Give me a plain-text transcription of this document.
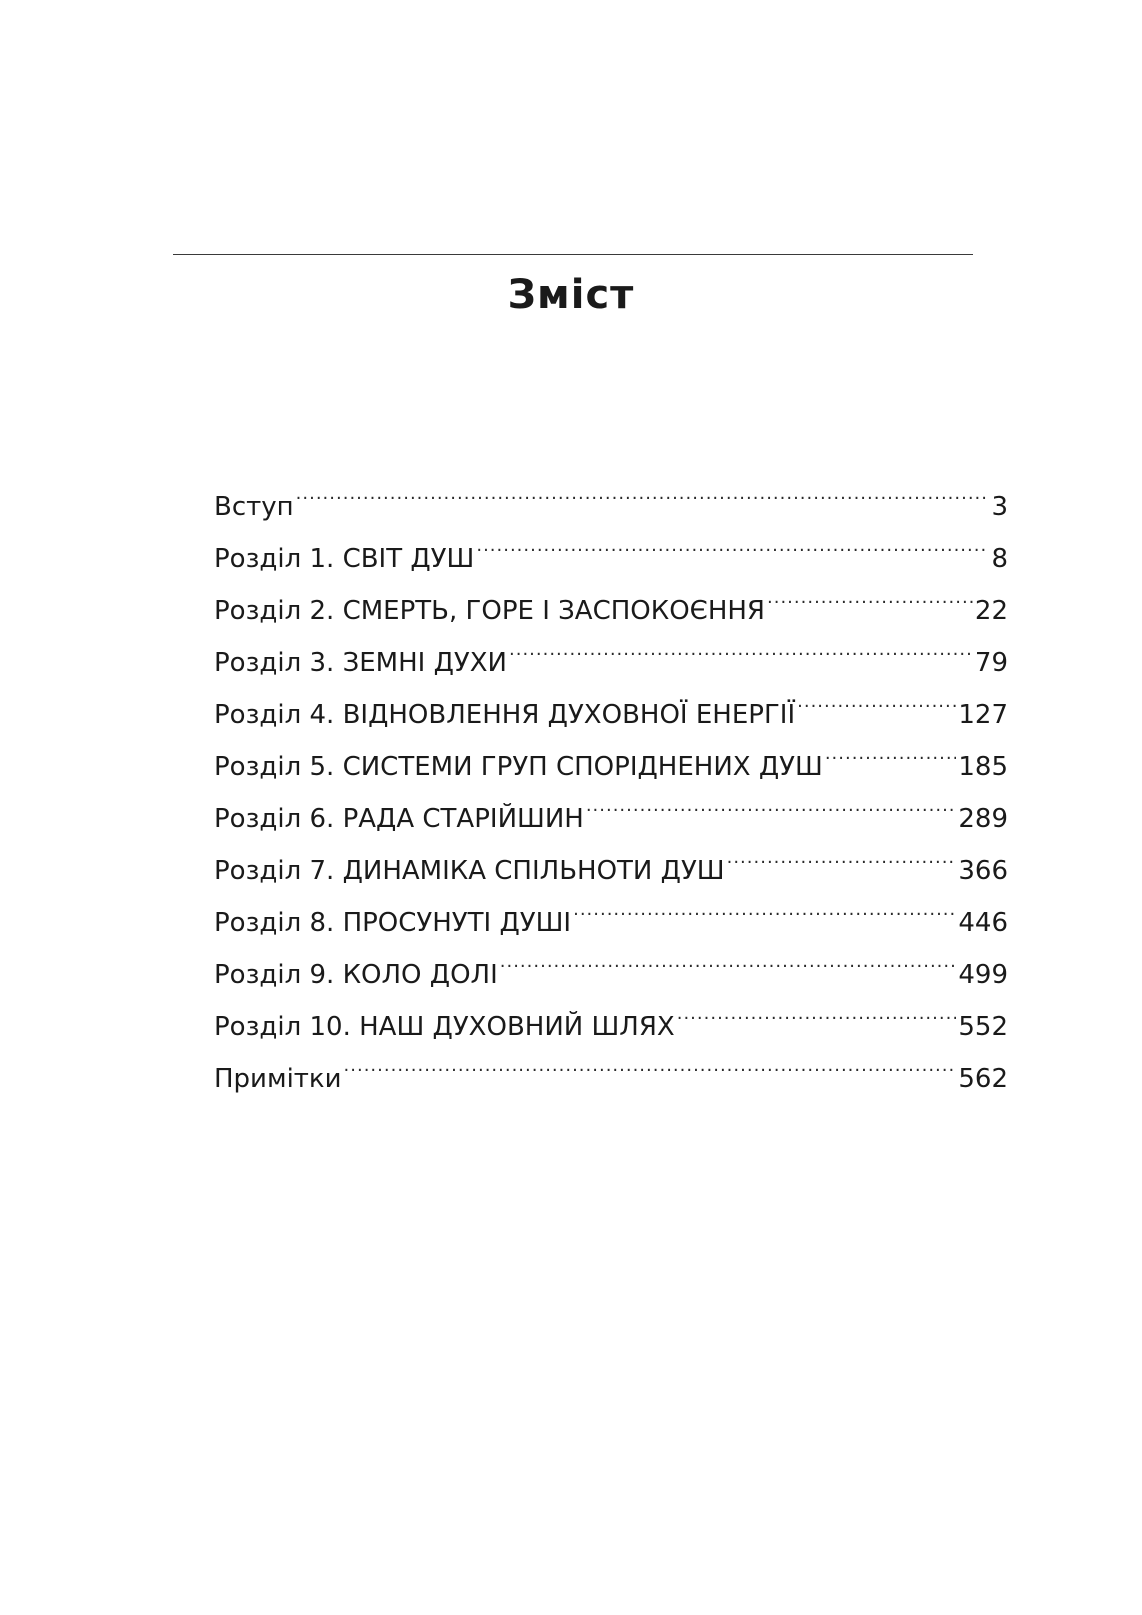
Зміст
Вступ .....	3
Розділ 1. СВІТ ДУШ .....	8
Розділ 2. СМЕРТЬ, ГОРЕ І ЗАСПОКОЄННЯ .....	22
Розділ 3. ЗЕМНІ ДУХИ .....	79
Розділ 4. ВІДНОВЛЕННЯ ДУХОВНОЇ ЕНЕРГІЇ .....	127
Розділ 5. СИСТЕМИ ГРУП СПОРІДНЕНИХ ДУШ .....	185
Розділ 6. РАДА СТАРІЙШИН .....	289
Розділ 7. ДИНАМІКА СПІЛЬНОТИ ДУШ .....	366
Розділ 8. ПРОСУНУТІ ДУШІ .....	446
Розділ 9. КОЛО ДОЛІ .....	499
Розділ 10. НАШ ДУХОВНИЙ ШЛЯХ .....	552
Примітки .....	562
